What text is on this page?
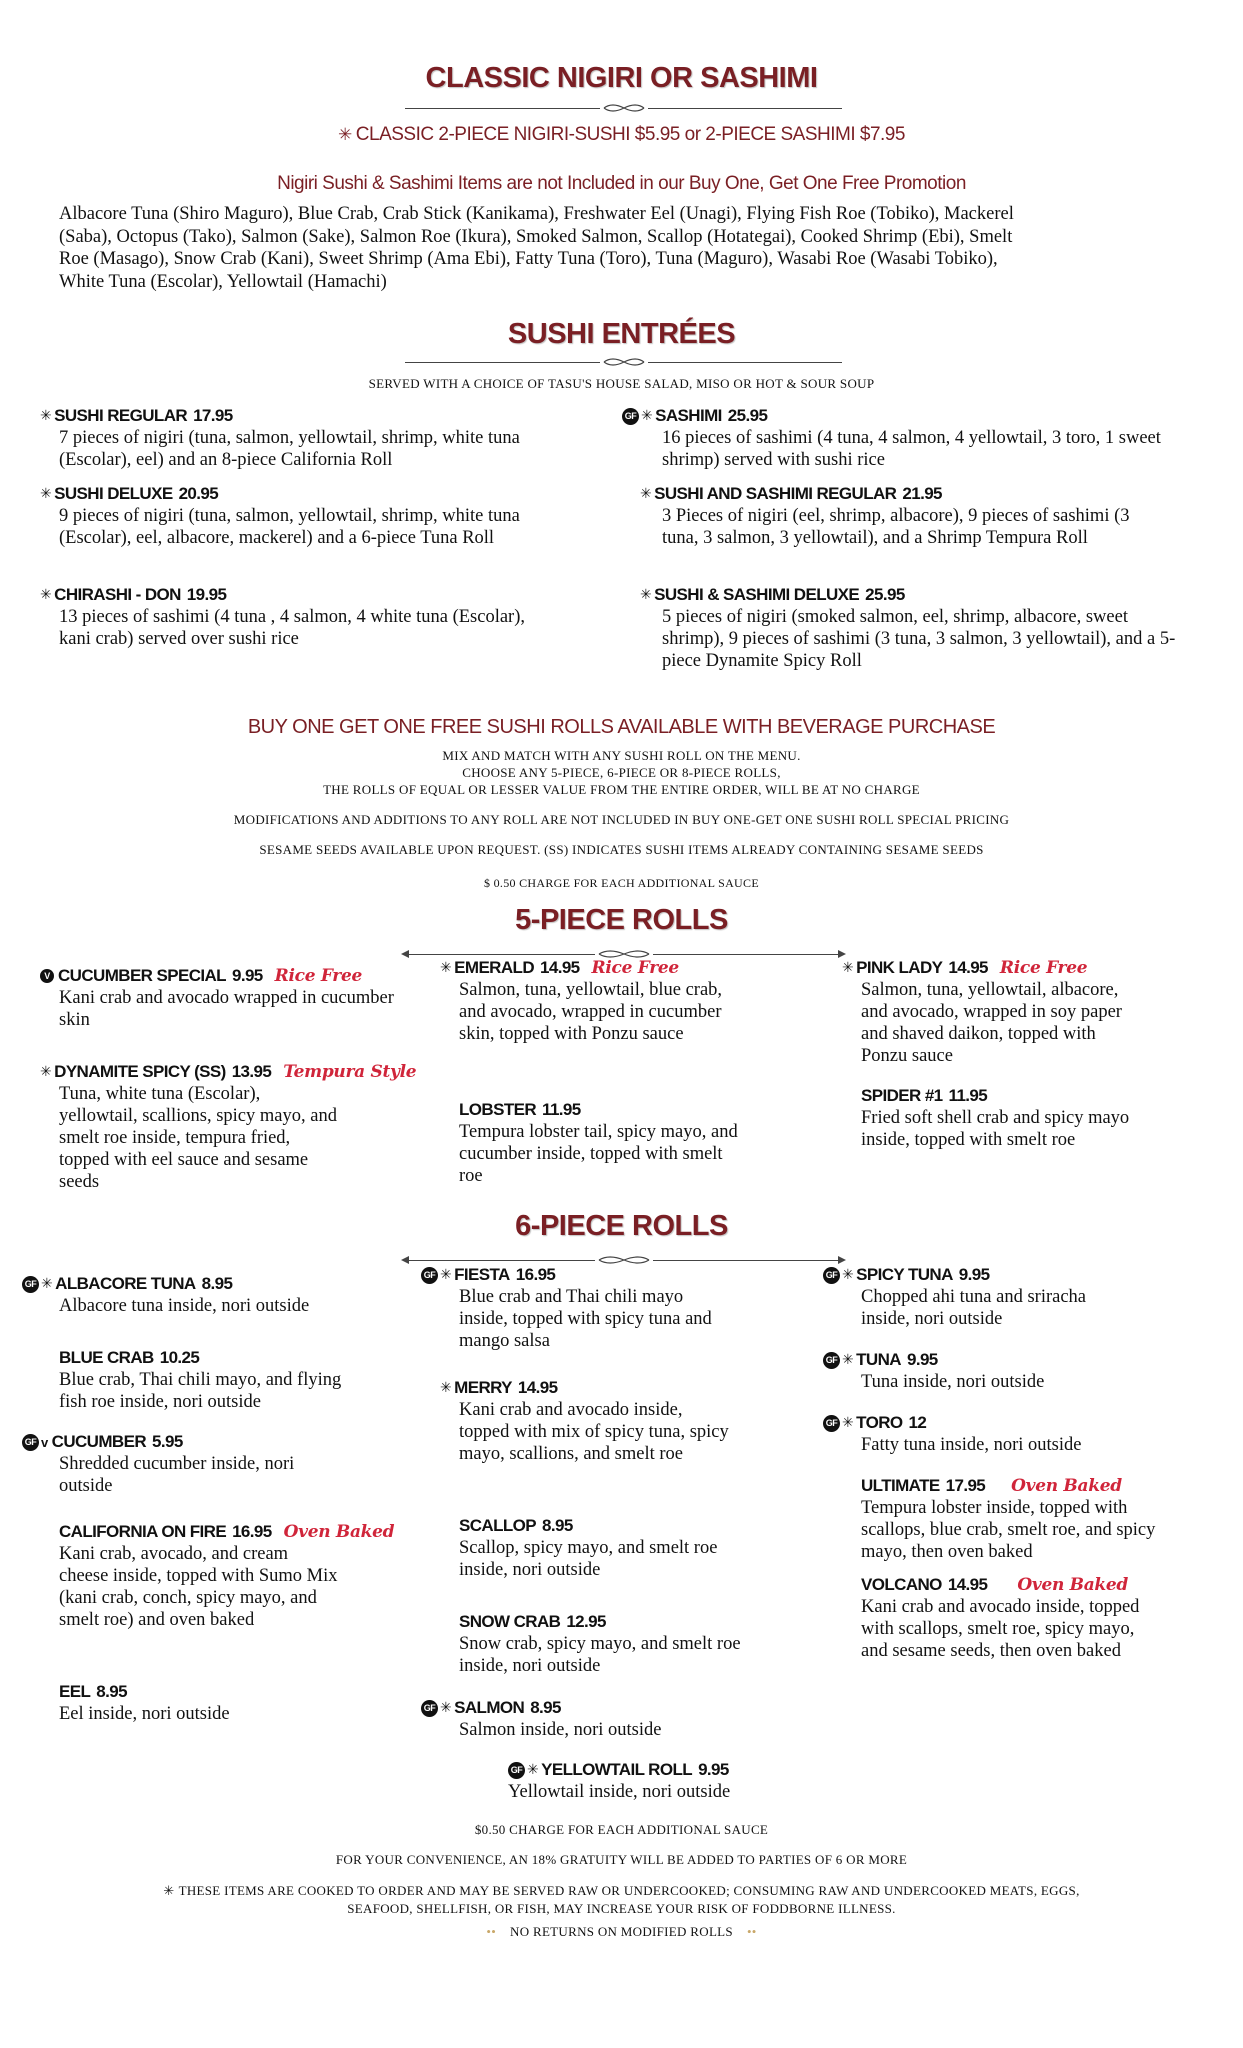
CLASSIC NIGIRI OR SASHIMI
✳ CLASSIC 2-PIECE NIGIRI-SUSHI $5.95 or 2-PIECE SASHIMI $7.95
Nigiri Sushi & Sashimi Items are not Included in our Buy One, Get One Free Promotion
Albacore Tuna (Shiro Maguro), Blue Crab, Crab Stick (Kanikama), Freshwater Eel (Unagi), Flying Fish Roe (Tobiko), Mackerel
(Saba), Octopus (Tako), Salmon (Sake), Salmon Roe (Ikura), Smoked Salmon, Scallop (Hotategai), Cooked Shrimp (Ebi), Smelt
Roe (Masago), Snow Crab (Kani), Sweet Shrimp (Ama Ebi), Fatty Tuna (Toro), Tuna (Maguro), Wasabi Roe (Wasabi Tobiko),
White Tuna (Escolar), Yellowtail (Hamachi)
SUSHI ENTRÉES
SERVED WITH A CHOICE OF TASU'S HOUSE SALAD, MISO OR HOT & SOUR SOUP
✳ SUSHI REGULAR 17.95
7 pieces of nigiri (tuna, salmon, yellowtail, shrimp, white tuna (Escolar), eel) and an 8-piece California Roll
✳ SUSHI DELUXE 20.95
9 pieces of nigiri (tuna, salmon, yellowtail, shrimp, white tuna (Escolar), eel, albacore, mackerel) and a 6-piece Tuna Roll
✳ CHIRASHI - DON 19.95
13 pieces of sashimi (4 tuna , 4 salmon, 4 white tuna (Escolar), kani crab) served over sushi rice
GF ✳ SASHIMI 25.95
16 pieces of sashimi (4 tuna, 4 salmon, 4 yellowtail, 3 toro, 1 sweet shrimp) served with sushi rice
✳ SUSHI AND SASHIMI REGULAR 21.95
3 Pieces of nigiri (eel, shrimp, albacore), 9 pieces of sashimi (3 tuna, 3 salmon, 3 yellowtail), and a Shrimp Tempura Roll
✳ SUSHI & SASHIMI DELUXE 25.95
5 pieces of nigiri (smoked salmon, eel, shrimp, albacore, sweet shrimp), 9 pieces of sashimi (3 tuna, 3 salmon, 3 yellowtail), and a 5-piece Dynamite Spicy Roll
BUY ONE GET ONE FREE SUSHI ROLLS AVAILABLE WITH BEVERAGE PURCHASE
MIX AND MATCH WITH ANY SUSHI ROLL ON THE MENU.
CHOOSE ANY 5-PIECE, 6-PIECE OR 8-PIECE ROLLS,
THE ROLLS OF EQUAL OR LESSER VALUE FROM THE ENTIRE ORDER, WILL BE AT NO CHARGE
MODIFICATIONS AND ADDITIONS TO ANY ROLL ARE NOT INCLUDED IN BUY ONE-GET ONE SUSHI ROLL SPECIAL PRICING
SESAME SEEDS AVAILABLE UPON REQUEST. (SS) INDICATES SUSHI ITEMS ALREADY CONTAINING SESAME SEEDS
$ 0.50 CHARGE FOR EACH ADDITIONAL SAUCE
5-PIECE ROLLS
V CUCUMBER SPECIAL 9.95 Rice Free
Kani crab and avocado wrapped in cucumber skin
✳ DYNAMITE SPICY (SS) 13.95 Tempura Style
Tuna, white tuna (Escolar), yellowtail, scallions, spicy mayo, and smelt roe inside, tempura fried, topped with eel sauce and sesame seeds
✳ EMERALD 14.95 Rice Free
Salmon, tuna, yellowtail, blue crab, and avocado, wrapped in cucumber skin, topped with Ponzu sauce
LOBSTER 11.95
Tempura lobster tail, spicy mayo, and cucumber inside, topped with smelt roe
✳ PINK LADY 14.95 Rice Free
Salmon, tuna, yellowtail, albacore, and avocado, wrapped in soy paper and shaved daikon, topped with Ponzu sauce
SPIDER #1 11.95
Fried soft shell crab and spicy mayo inside, topped with smelt roe
6-PIECE ROLLS
GF ✳ ALBACORE TUNA 8.95
Albacore tuna inside, nori outside
BLUE CRAB 10.25
Blue crab, Thai chili mayo, and flying fish roe inside, nori outside
GF v CUCUMBER 5.95
Shredded cucumber inside, nori outside
CALIFORNIA ON FIRE 16.95 Oven Baked
Kani crab, avocado, and cream cheese inside, topped with Sumo Mix (kani crab, conch, spicy mayo, and smelt roe) and oven baked
EEL 8.95
Eel inside, nori outside
GF ✳ FIESTA 16.95
Blue crab and Thai chili mayo inside, topped with spicy tuna and mango salsa
✳ MERRY 14.95
Kani crab and avocado inside, topped with mix of spicy tuna, spicy mayo, scallions, and smelt roe
SCALLOP 8.95
Scallop, spicy mayo, and smelt roe inside, nori outside
SNOW CRAB 12.95
Snow crab, spicy mayo, and smelt roe inside, nori outside
GF ✳ SALMON 8.95
Salmon inside, nori outside
GF ✳ SPICY TUNA 9.95
Chopped ahi tuna and sriracha inside, nori outside
GF ✳ TUNA 9.95
Tuna inside, nori outside
GF ✳ TORO 12
Fatty tuna inside, nori outside
ULTIMATE 17.95 Oven Baked
Tempura lobster inside, topped with scallops, blue crab, smelt roe, and spicy mayo, then oven baked
VOLCANO 14.95 Oven Baked
Kani crab and avocado inside, topped with scallops, smelt roe, spicy mayo, and sesame seeds, then oven baked
GF ✳ YELLOWTAIL ROLL 9.95
Yellowtail inside, nori outside
$0.50 CHARGE FOR EACH ADDITIONAL SAUCE
FOR YOUR CONVENIENCE, AN 18% GRATUITY WILL BE ADDED TO PARTIES OF 6 OR MORE
✳ THESE ITEMS ARE COOKED TO ORDER AND MAY BE SERVED RAW OR UNDERCOOKED; CONSUMING RAW AND UNDERCOOKED MEATS, EGGS,
SEAFOOD, SHELLFISH, OR FISH, MAY INCREASE YOUR RISK OF FODDBORNE ILLNESS.
•• NO RETURNS ON MODIFIED ROLLS ••
